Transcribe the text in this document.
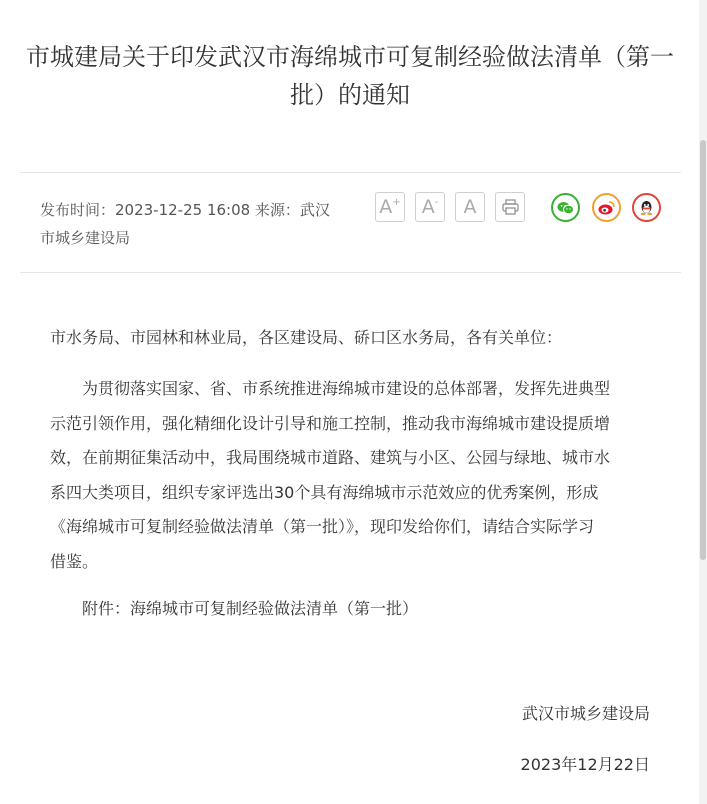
市城建局关于印发武汉市海绵城市可复制经验做法清单（第一
批）的通知
发布时间：2023-12-25 16:08 来源：武汉
市城乡建设局
A+ A- A

市水务局、市园林和林业局，各区建设局、硚口区水务局，各有关单位：

为贯彻落实国家、省、市系统推进海绵城市建设的总体部署，发挥先进典型
示范引领作用，强化精细化设计引导和施工控制，推动我市海绵城市建设提质增
效，在前期征集活动中，我局围绕城市道路、建筑与小区、公园与绿地、城市水
系四大类项目，组织专家评选出30个具有海绵城市示范效应的优秀案例，形成
《海绵城市可复制经验做法清单（第一批）》，现印发给你们，请结合实际学习
借鉴。

附件：海绵城市可复制经验做法清单（第一批）

武汉市城乡建设局
2023年12月22日
